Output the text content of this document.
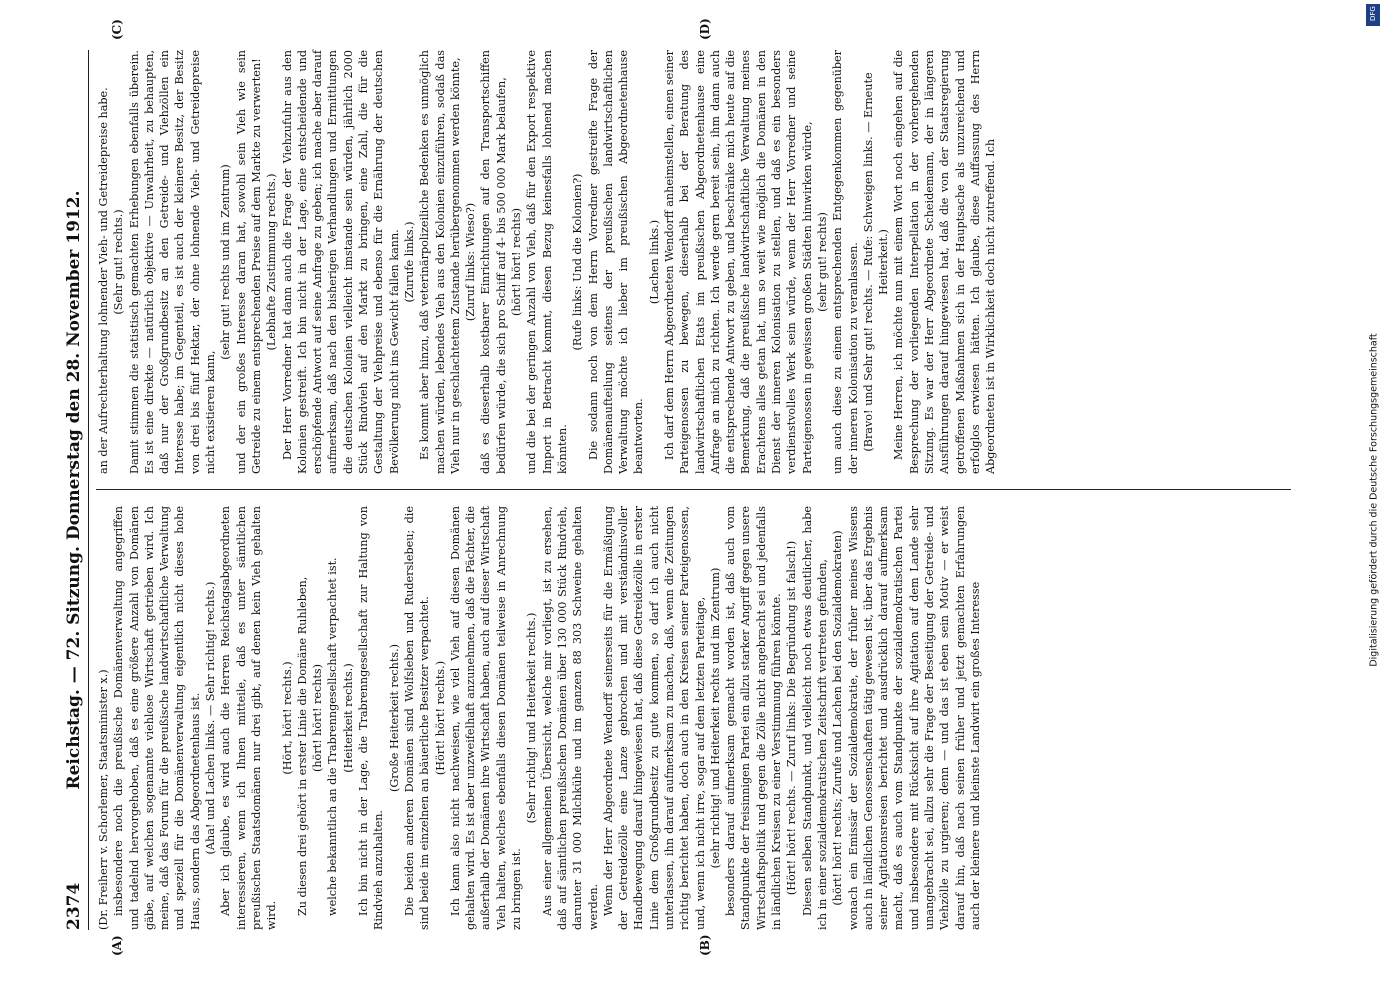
2374
Reichstag. — 72. Sitzung. Donnerstag den 28. November 1912.

(Dr. Freiherr v. Schorlemer, Staatsminister x.) insbesondere noch die preußische Domänenverwaltung angegriffen und tadelnd hervorgehoben, daß es eine größere Anzahl von Domänen gäbe, auf welchen sogenannte viehlose Wirtschaft getrieben wird. Ich meine, daß das Forum für die preußische landwirtschaftliche Verwaltung und speziell für die Domänenverwaltung eigentlich nicht dieses hohe Haus, sondern das Abgeordnetenhaus ist. (Aha! und Lachen links. — Sehr richtig! rechts.) Aber ich glaube, es wird auch die Herren Reichstagsabgeordneten interessieren, wenn ich Ihnen mitteile, daß es unter sämtlichen preußischen Staatsdomänen nur drei gibt, auf denen kein Vieh gehalten wird.

(Hört, hört! rechts.) Zu diesen drei gehört in erster Linie die Domäne Ruhleben, (hört! hört! rechts) welche bekanntlich an die Trabrenngesellschaft verpachtet ist. (Heiterkeit rechts.) Ich bin nicht in der Lage, die Trabrenngesellschaft zur Haltung von Rindvieh anzuhalten.

(Große Heiterkeit rechts.) Die beiden anderen Domänen sind Wolfsleben und Ruderslebeu; die sind beide im einzelnen an bäuerliche Besitzer verpachtet. (Hört! hört! rechts.) Ich kann also nicht nachweisen, wie viel Vieh auf diesen Domänen gehalten wird. Es ist aber unzweifelhaft anzunehmen, daß die Pächter, die außerhalb der Domänen ihre Wirtschaft haben, auch auf dieser Wirtschaft Vieh halten, welches ebenfalls diesen Domänen teilweise in Anrechnung zu bringen ist.

(Sehr richtig! und Heiterkeit rechts.) Aus einer allgemeinen Übersicht, welche mir vorliegt, ist zu ersehen, daß auf sämtlichen preußischen Domänen über 130 000 Stück Rindvieh, darunter 31 000 Milchkühe und im ganzen 88 303 Schweine gehalten werden. Wenn der Herr Abgeordnete Wendorff seinerseits für die Ermäßigung der Getreidezölle eine Lanze gebrochen und mit verständnisvoller Handbewegung darauf hingewiesen hat, daß diese Getreidezölle in erster Linie dem Großgrundbesitz zu gute kommen, so darf ich auch nicht unterlassen, ihn darauf aufmerksam zu machen, daß, wenn die Zeitungen richtig berichtet haben, doch auch in den Kreisen seiner Parteigenossen, und, wenn ich nicht irre, sogar auf dem letzten Parteitage, (sehr richtig! und Heiterkeit rechts und im Zentrum) besonders darauf aufmerksam gemacht worden ist, daß auch vom Standpunkte der freisinnigen Partei ein allzu starker Angriff gegen unsere Wirtschaftspolitik und gegen die Zölle nicht angebracht sei und jedenfalls in ländlichen Kreisen zu einer Verstimmung führen könnte. (Hört! hört! rechts. — Zuruf links: Die Begründung ist falsch!) Diesen selben Standpunkt, und vielleicht noch etwas deutlicher, habe ich in einer sozialdemokratischen Zeitschrift vertreten gefunden, (hört! hört! rechts; Zurufe und Lachen bei den Sozialdemokraten) wonach ein Emissär der Sozialdemokratie, der früher meines Wissens auch in ländlichen Genossenschaften tätig gewesen ist, über das Ergebnis seiner Agitationsreisen berichtet und ausdrücklich darauf aufmerksam macht, daß es auch vom Standpunkte der sozialdemokratischen Partei und insbesondere mit Rücksicht auf ihre Agitation auf dem Lande sehr unangebracht sei, allzu sehr die Frage der Beseitigung der Getreide- und Viehzölle zu urgieren; denn — und das ist eben sein Motiv — er weist darauf hin, daß nach seinen früher und jetzt gemachten Erfahrungen auch der kleinere und kleinste Landwirt ein großes Interesse

an der Aufrechterhaltung lohnender Vieh- und Getreidepreise habe. (Sehr gut! rechts.) Damit stimmen die statistisch gemachten Erhebungen ebenfalls überein. Es ist eine direkte — natürlich objektive — Unwahrheit, zu behaupten, daß nur der Großgrundbesitz an den Getreide- und Viehzöllen ein Interesse habe; im Gegenteil, es ist auch der kleinere Besitz, der Besitz von drei bis fünf Hektar, der ohne lohnende Vieh- und Getreidepreise nicht existieren kann,

(sehr gut! rechts und im Zentrum) und der ein großes Interesse daran hat, sowohl sein Vieh wie sein Getreide zu einem entsprechenden Preise auf dem Markte zu verwerten! (Lebhafte Zustimmung rechts.) Der Herr Vorredner hat dann auch die Frage der Viehzufuhr aus den Kolonien gestreift. Ich bin nicht in der Lage, eine entscheidende und erschöpfende Antwort auf seine Anfrage zu geben; ich mache aber darauf aufmerksam, daß nach den bisherigen Verhandlungen und Ermittlungen die deutschen Kolonien vielleicht imstande sein würden, jährlich 2000 Stück Rindvieh auf den Markt zu bringen, eine Zahl, die für die Gestaltung der Viehpreise und ebenso für die Ernährung der deutschen Bevölkerung nicht ins Gewicht fallen kann. (Zurufe links.) Es kommt aber hinzu, daß veterinärpolizeiliche Bedenken es unmöglich machen würden, lebendes Vieh aus den Kolonien einzuführen, sodaß das Vieh nur in geschlachtetem Zustande herübergenommen werden könnte, (Zuruf links: Wieso?) daß es dieserhalb kostbarer Einrichtungen auf den Transportschiffen bedürfen würde, die sich pro Schiff auf 4- bis 500 000 Mark belaufen, (hört! hört! rechts) und die bei der geringen Anzahl von Vieh, daß für den Export respektive Import in Betracht kommt, diesen Bezug keinesfalls lohnend machen könnten.

(Rufe links: Und die Kolonien?) Die sodann noch von dem Herrn Vorredner gestreifte Frage der Domänenaufteilung seitens der preußischen landwirtschaftlichen Verwaltung möchte ich lieber im preußischen Abgeordnetenhause beantworten.

(Lachen links.) Ich darf dem Herrn Abgeordneten Wendorff anheimstellen, einen seiner Parteigenossen zu bewegen, dieserhalb bei der Beratung des landwirtschaftlichen Etats im preußischen Abgeordnetenhause eine Anfrage an mich zu richten. Ich werde gern bereit sein, ihm dann auch die entsprechende Antwort zu geben, und beschränke mich heute auf die Bemerkung, daß die preußische landwirtschaftliche Verwaltung meines Erachtens alles getan hat, um so weit wie möglich die Domänen in den Dienst der inneren Kolonisation zu stellen, und daß es ein besonders verdienstvolles Werk sein würde, wenn der Herr Vorredner und seine Parteigenossen in gewissen großen Städten hinwirken würde, (sehr gut! rechts) um auch diese zu einem entsprechenden Entgegenkommen gegenüber der inneren Kolonisation zu veranlassen. (Bravo! und Sehr gut! rechts. — Rufe: Schweigen links. — Erneute Heiterkeit.) Meine Herren, ich möchte nun mit einem Wort noch eingehen auf die Besprechung der vorliegenden Interpellation in der vorhergehenden Sitzung. Es war der Herr Abgeordnete Scheidemann, der in längeren Ausführungen darauf hingewiesen hat, daß die von der Staatsregierung getroffenen Maßnahmen sich in der Hauptsache als unzureichend und erfolglos erwiesen hätten. Ich glaube, diese Auffassung des Herrn Abgeordneten ist in Wirklichkeit doch nicht zutreffend. Ich

(A)	(B)
(C)	(D)
DFG
Digitalisierung gefördert durch die Deutsche Forschungsgemeinschaft
